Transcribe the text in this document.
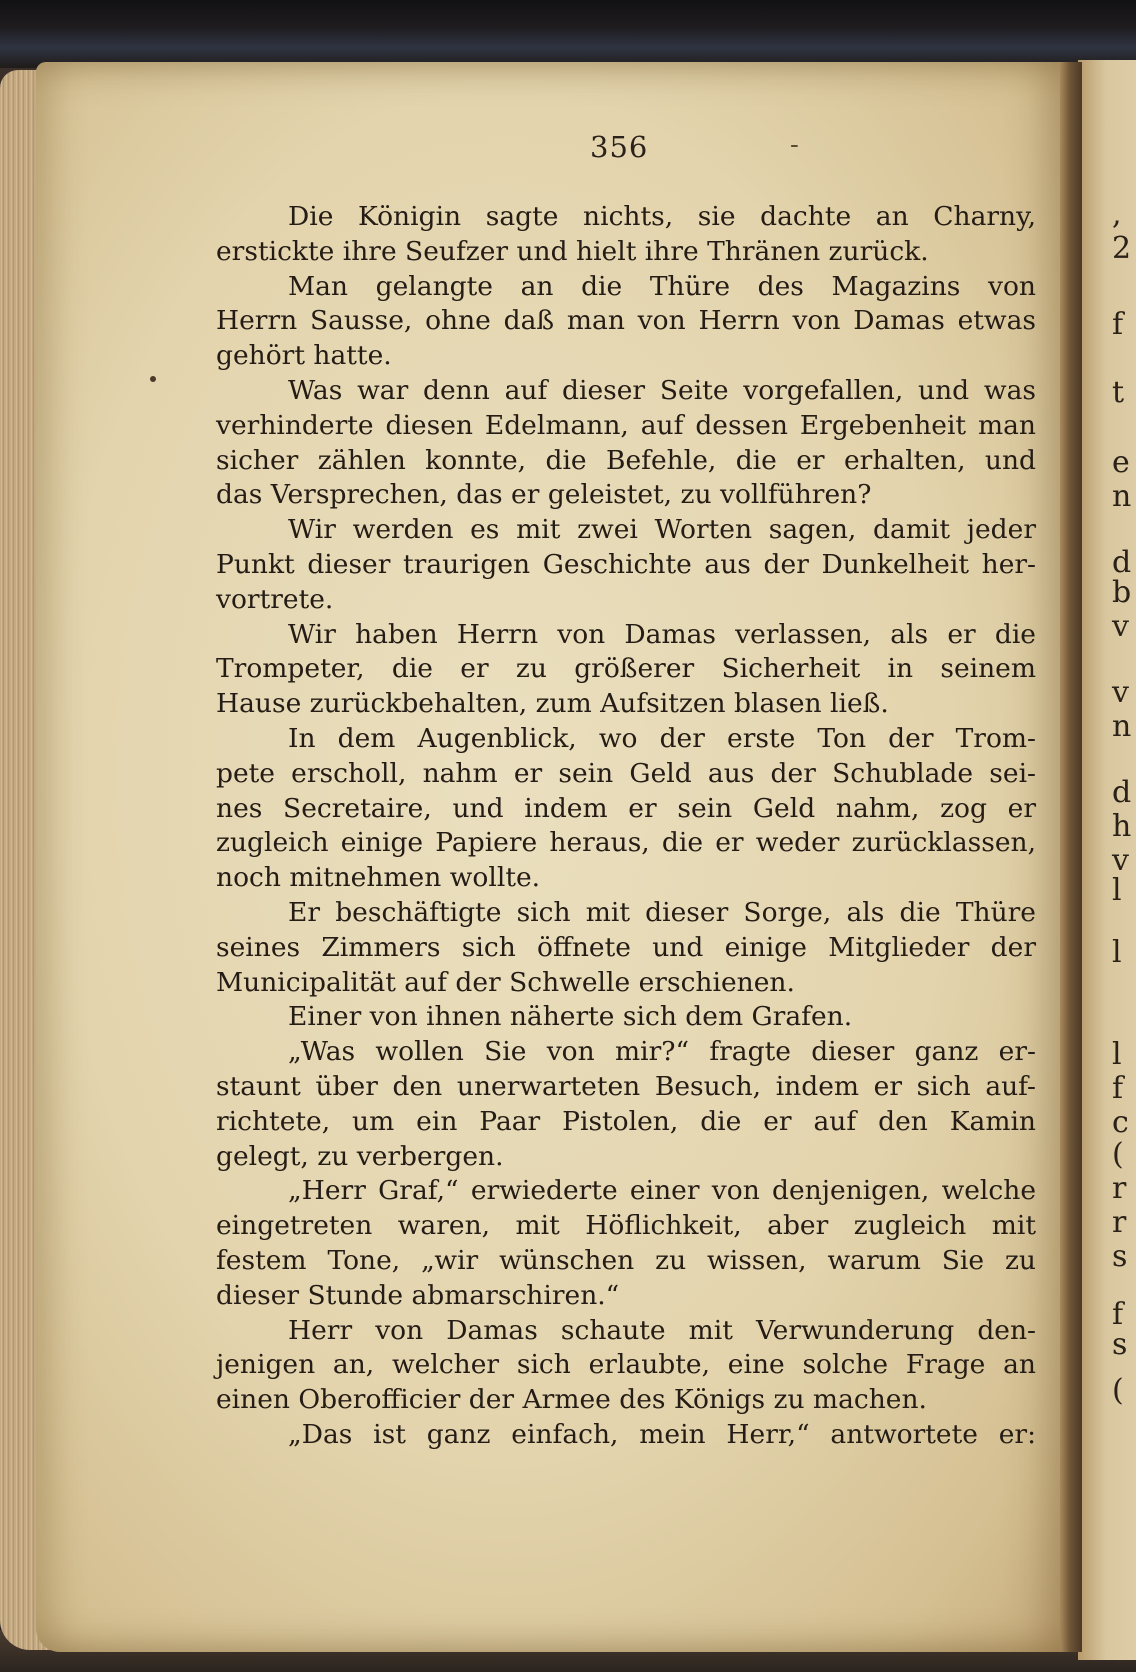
,
2
f
t
e
n
d
b
v
v
n
d
h
v
l
l
l
f
c
(
r
r
s
f
s
(
356	-
Die Königin sagte nichts, sie dachte an Charny,
erstickte ihre Seufzer und hielt ihre Thränen zurück.
Man gelangte an die Thüre des Magazins von
Herrn Sausse, ohne daß man von Herrn von Damas etwas
gehört hatte.
Was war denn auf dieser Seite vorgefallen, und was
verhinderte diesen Edelmann, auf dessen Ergebenheit man
sicher zählen konnte, die Befehle, die er erhalten, und
das Versprechen, das er geleistet, zu vollführen?
Wir werden es mit zwei Worten sagen, damit jeder
Punkt dieser traurigen Geschichte aus der Dunkelheit her-
vortrete.
Wir haben Herrn von Damas verlassen, als er die
Trompeter, die er zu größerer Sicherheit in seinem
Hause zurückbehalten, zum Aufsitzen blasen ließ.
In dem Augenblick, wo der erste Ton der Trom-
pete erscholl, nahm er sein Geld aus der Schublade sei-
nes Secretaire, und indem er sein Geld nahm, zog er
zugleich einige Papiere heraus, die er weder zurücklassen,
noch mitnehmen wollte.
Er beschäftigte sich mit dieser Sorge, als die Thüre
seines Zimmers sich öffnete und einige Mitglieder der
Municipalität auf der Schwelle erschienen.
Einer von ihnen näherte sich dem Grafen.
„Was wollen Sie von mir?“ fragte dieser ganz er-
staunt über den unerwarteten Besuch, indem er sich auf-
richtete, um ein Paar Pistolen, die er auf den Kamin
gelegt, zu verbergen.
„Herr Graf,“ erwiederte einer von denjenigen, welche
eingetreten waren, mit Höflichkeit, aber zugleich mit
festem Tone, „wir wünschen zu wissen, warum Sie zu
dieser Stunde abmarschiren.“
Herr von Damas schaute mit Verwunderung den-
jenigen an, welcher sich erlaubte, eine solche Frage an
einen Oberofficier der Armee des Königs zu machen.
„Das ist ganz einfach, mein Herr,“ antwortete er:
